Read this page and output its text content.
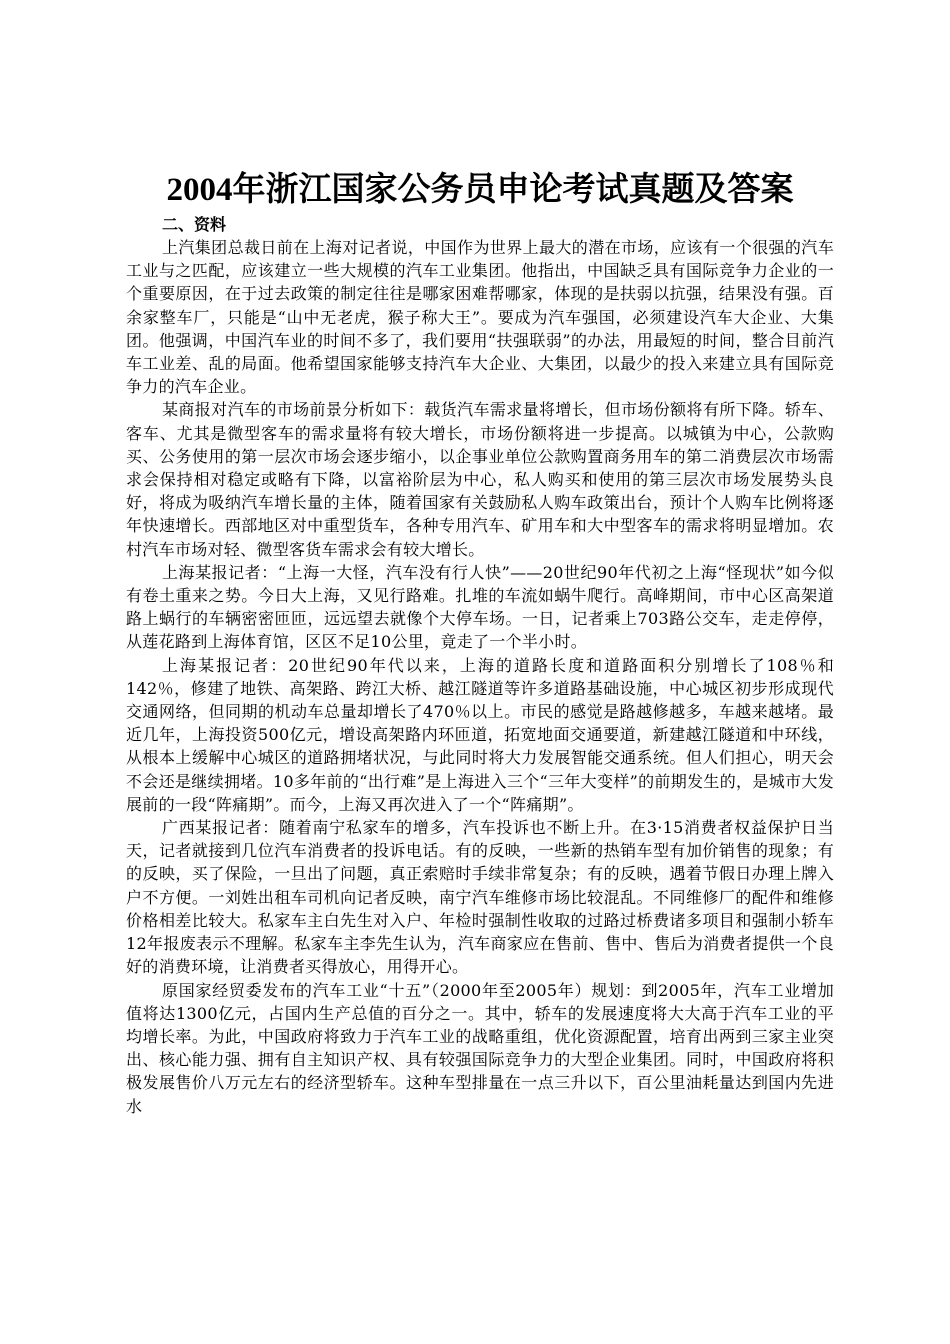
2004年浙江国家公务员申论考试真题及答案
二、资料

上汽集团总裁日前在上海对记者说，中国作为世界上最大的潜在市场，应该有一个很强的汽车工业与之匹配，应该建立一些大规模的汽车工业集团。他指出，中国缺乏具有国际竞争力企业的一个重要原因，在于过去政策的制定往往是哪家困难帮哪家，体现的是扶弱以抗强，结果没有强。百余家整车厂，只能是“山中无老虎，猴子称大王”。要成为汽车强国，必须建设汽车大企业、大集团。他强调，中国汽车业的时间不多了，我们要用“扶强联弱”的办法，用最短的时间，整合目前汽车工业差、乱的局面。他希望国家能够支持汽车大企业、大集团，以最少的投入来建立具有国际竞争力的汽车企业。

某商报对汽车的市场前景分析如下：载货汽车需求量将增长，但市场份额将有所下降。轿车、客车、尤其是微型客车的需求量将有较大增长，市场份额将进一步提高。以城镇为中心，公款购买、公务使用的第一层次市场会逐步缩小，以企事业单位公款购置商务用车的第二消费层次市场需求会保持相对稳定或略有下降，以富裕阶层为中心，私人购买和使用的第三层次市场发展势头良好，将成为吸纳汽车增长量的主体，随着国家有关鼓励私人购车政策出台，预计个人购车比例将逐年快速增长。西部地区对中重型货车，各种专用汽车、矿用车和大中型客车的需求将明显增加。农村汽车市场对轻、微型客货车需求会有较大增长。

上海某报记者：“上海一大怪，汽车没有行人快”——20世纪90年代初之上海“怪现状”如今似有卷土重来之势。今日大上海，又见行路难。扎堆的车流如蜗牛爬行。高峰期间，市中心区高架道路上蜗行的车辆密密匝匝，远远望去就像个大停车场。一日，记者乘上703路公交车，走走停停，从莲花路到上海体育馆，区区不足10公里，竟走了一个半小时。

上海某报记者：20世纪90年代以来，上海的道路长度和道路面积分别增长了108％和142％，修建了地铁、高架路、跨江大桥、越江隧道等许多道路基础设施，中心城区初步形成现代交通网络，但同期的机动车总量却增长了470％以上。市民的感觉是路越修越多，车越来越堵。最近几年，上海投资500亿元，增设高架路内环匝道，拓宽地面交通要道，新建越江隧道和中环线，从根本上缓解中心城区的道路拥堵状况，与此同时将大力发展智能交通系统。但人们担心，明天会不会还是继续拥堵。10多年前的“出行难”是上海进入三个“三年大变样”的前期发生的，是城市大发展前的一段“阵痛期”。而今，上海又再次进入了一个“阵痛期”。

广西某报记者：随着南宁私家车的增多，汽车投诉也不断上升。在3·15消费者权益保护日当天，记者就接到几位汽车消费者的投诉电话。有的反映，一些新的热销车型有加价销售的现象；有的反映，买了保险，一旦出了问题，真正索赔时手续非常复杂；有的反映，遇着节假日办理上牌入户不方便。一刘姓出租车司机向记者反映，南宁汽车维修市场比较混乱。不同维修厂的配件和维修价格相差比较大。私家车主白先生对入户、年检时强制性收取的过路过桥费诸多项目和强制小轿车12年报废表示不理解。私家车主李先生认为，汽车商家应在售前、售中、售后为消费者提供一个良好的消费环境，让消费者买得放心，用得开心。

原国家经贸委发布的汽车工业“十五”（2000年至2005年）规划：到2005年，汽车工业增加值将达1300亿元，占国内生产总值的百分之一。其中，轿车的发展速度将大大高于汽车工业的平均增长率。为此，中国政府将致力于汽车工业的战略重组，优化资源配置，培育出两到三家主业突出、核心能力强、拥有自主知识产权、具有较强国际竞争力的大型企业集团。同时，中国政府将积极发展售价八万元左右的经济型轿车。这种车型排量在一点三升以下，百公里油耗量达到国内先进水
